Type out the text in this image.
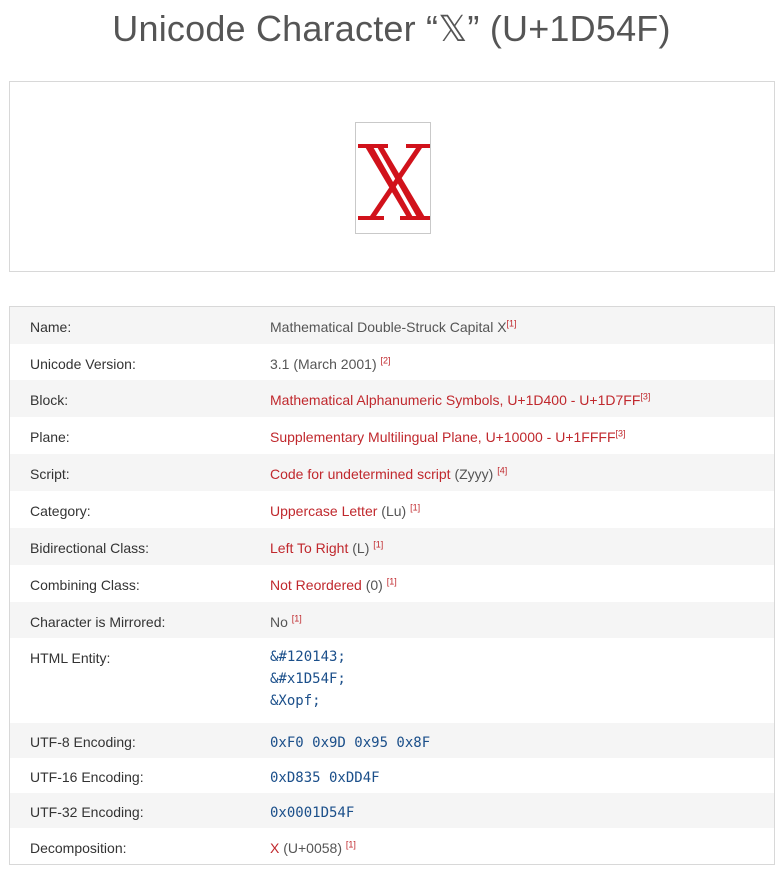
Unicode Character “𝕏” (U+1D54F)
Name:	Mathematical Double-Struck Capital X[1]
Unicode Version:	3.1 (March 2001) [2]
Block:	Mathematical Alphanumeric Symbols, U+1D400 - U+1D7FF[3]
Plane:	Supplementary Multilingual Plane, U+10000 - U+1FFFF[3]
Script:	Code for undetermined script (Zyyy) [4]
Category:	Uppercase Letter (Lu) [1]
Bidirectional Class:	Left To Right (L) [1]
Combining Class:	Not Reordered (0) [1]
Character is Mirrored:	No [1]
HTML Entity:	&#120143;
&#x1D54F;
&Xopf;
UTF-8 Encoding:	0xF0 0x9D 0x95 0x8F
UTF-16 Encoding:	0xD835 0xDD4F
UTF-32 Encoding:	0x0001D54F
Decomposition:	X (U+0058) [1]
